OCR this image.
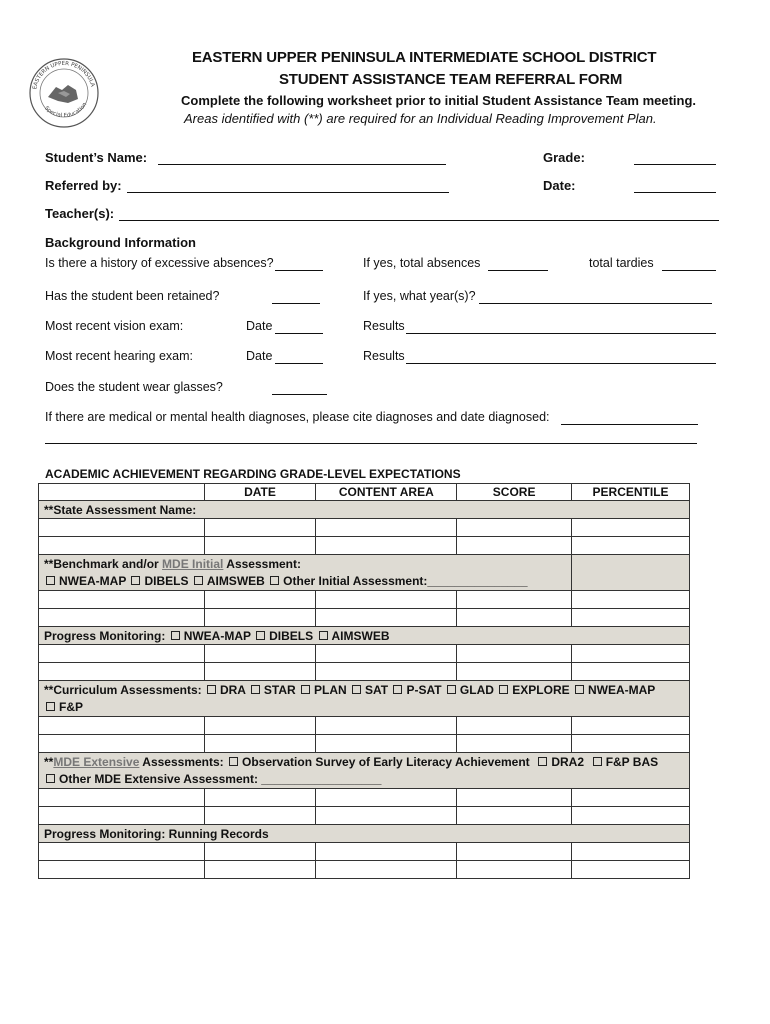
EASTERN UPPER PENINSULA
Special Education
EASTERN UPPER PENINSULA INTERMEDIATE SCHOOL DISTRICT
STUDENT ASSISTANCE TEAM REFERRAL FORM
Complete the following worksheet prior to initial Student Assistance Team meeting.
Areas identified with (**) are required for an Individual Reading Improvement Plan.
Student’s Name:	Grade:
Referred by:	Date:
Teacher(s):
Background Information
Is there a history of excessive absences?	If yes, total absences	total tardies
Has the student been retained?	If yes, what year(s)?
Most recent vision exam:	Date	Results
Most recent hearing exam:	Date	Results
Does the student wear glasses?
If there are medical or mental health diagnoses, please cite diagnoses and date diagnosed:
ACADEMIC ACHIEVEMENT REGARDING GRADE-LEVEL EXPECTATIONS
	DATE	CONTENT AREA	SCORE	PERCENTILE
**State Assessment Name:				

**Benchmark and/or MDE Initial Assessment:
NWEA-MAP DIBELS AIMSWEB Other Initial Assessment:_______________				

Progress Monitoring: NWEA-MAP DIBELS AIMSWEB				

**Curriculum Assessments: DRA STAR PLAN SAT P-SAT GLAD EXPLORE NWEA-MAP
F&P				

**MDE Extensive Assessments: Observation Survey of Early Literacy Achievement DRA2 F&P BAS
Other MDE Extensive Assessment: __________________				

Progress Monitoring: Running Records				
